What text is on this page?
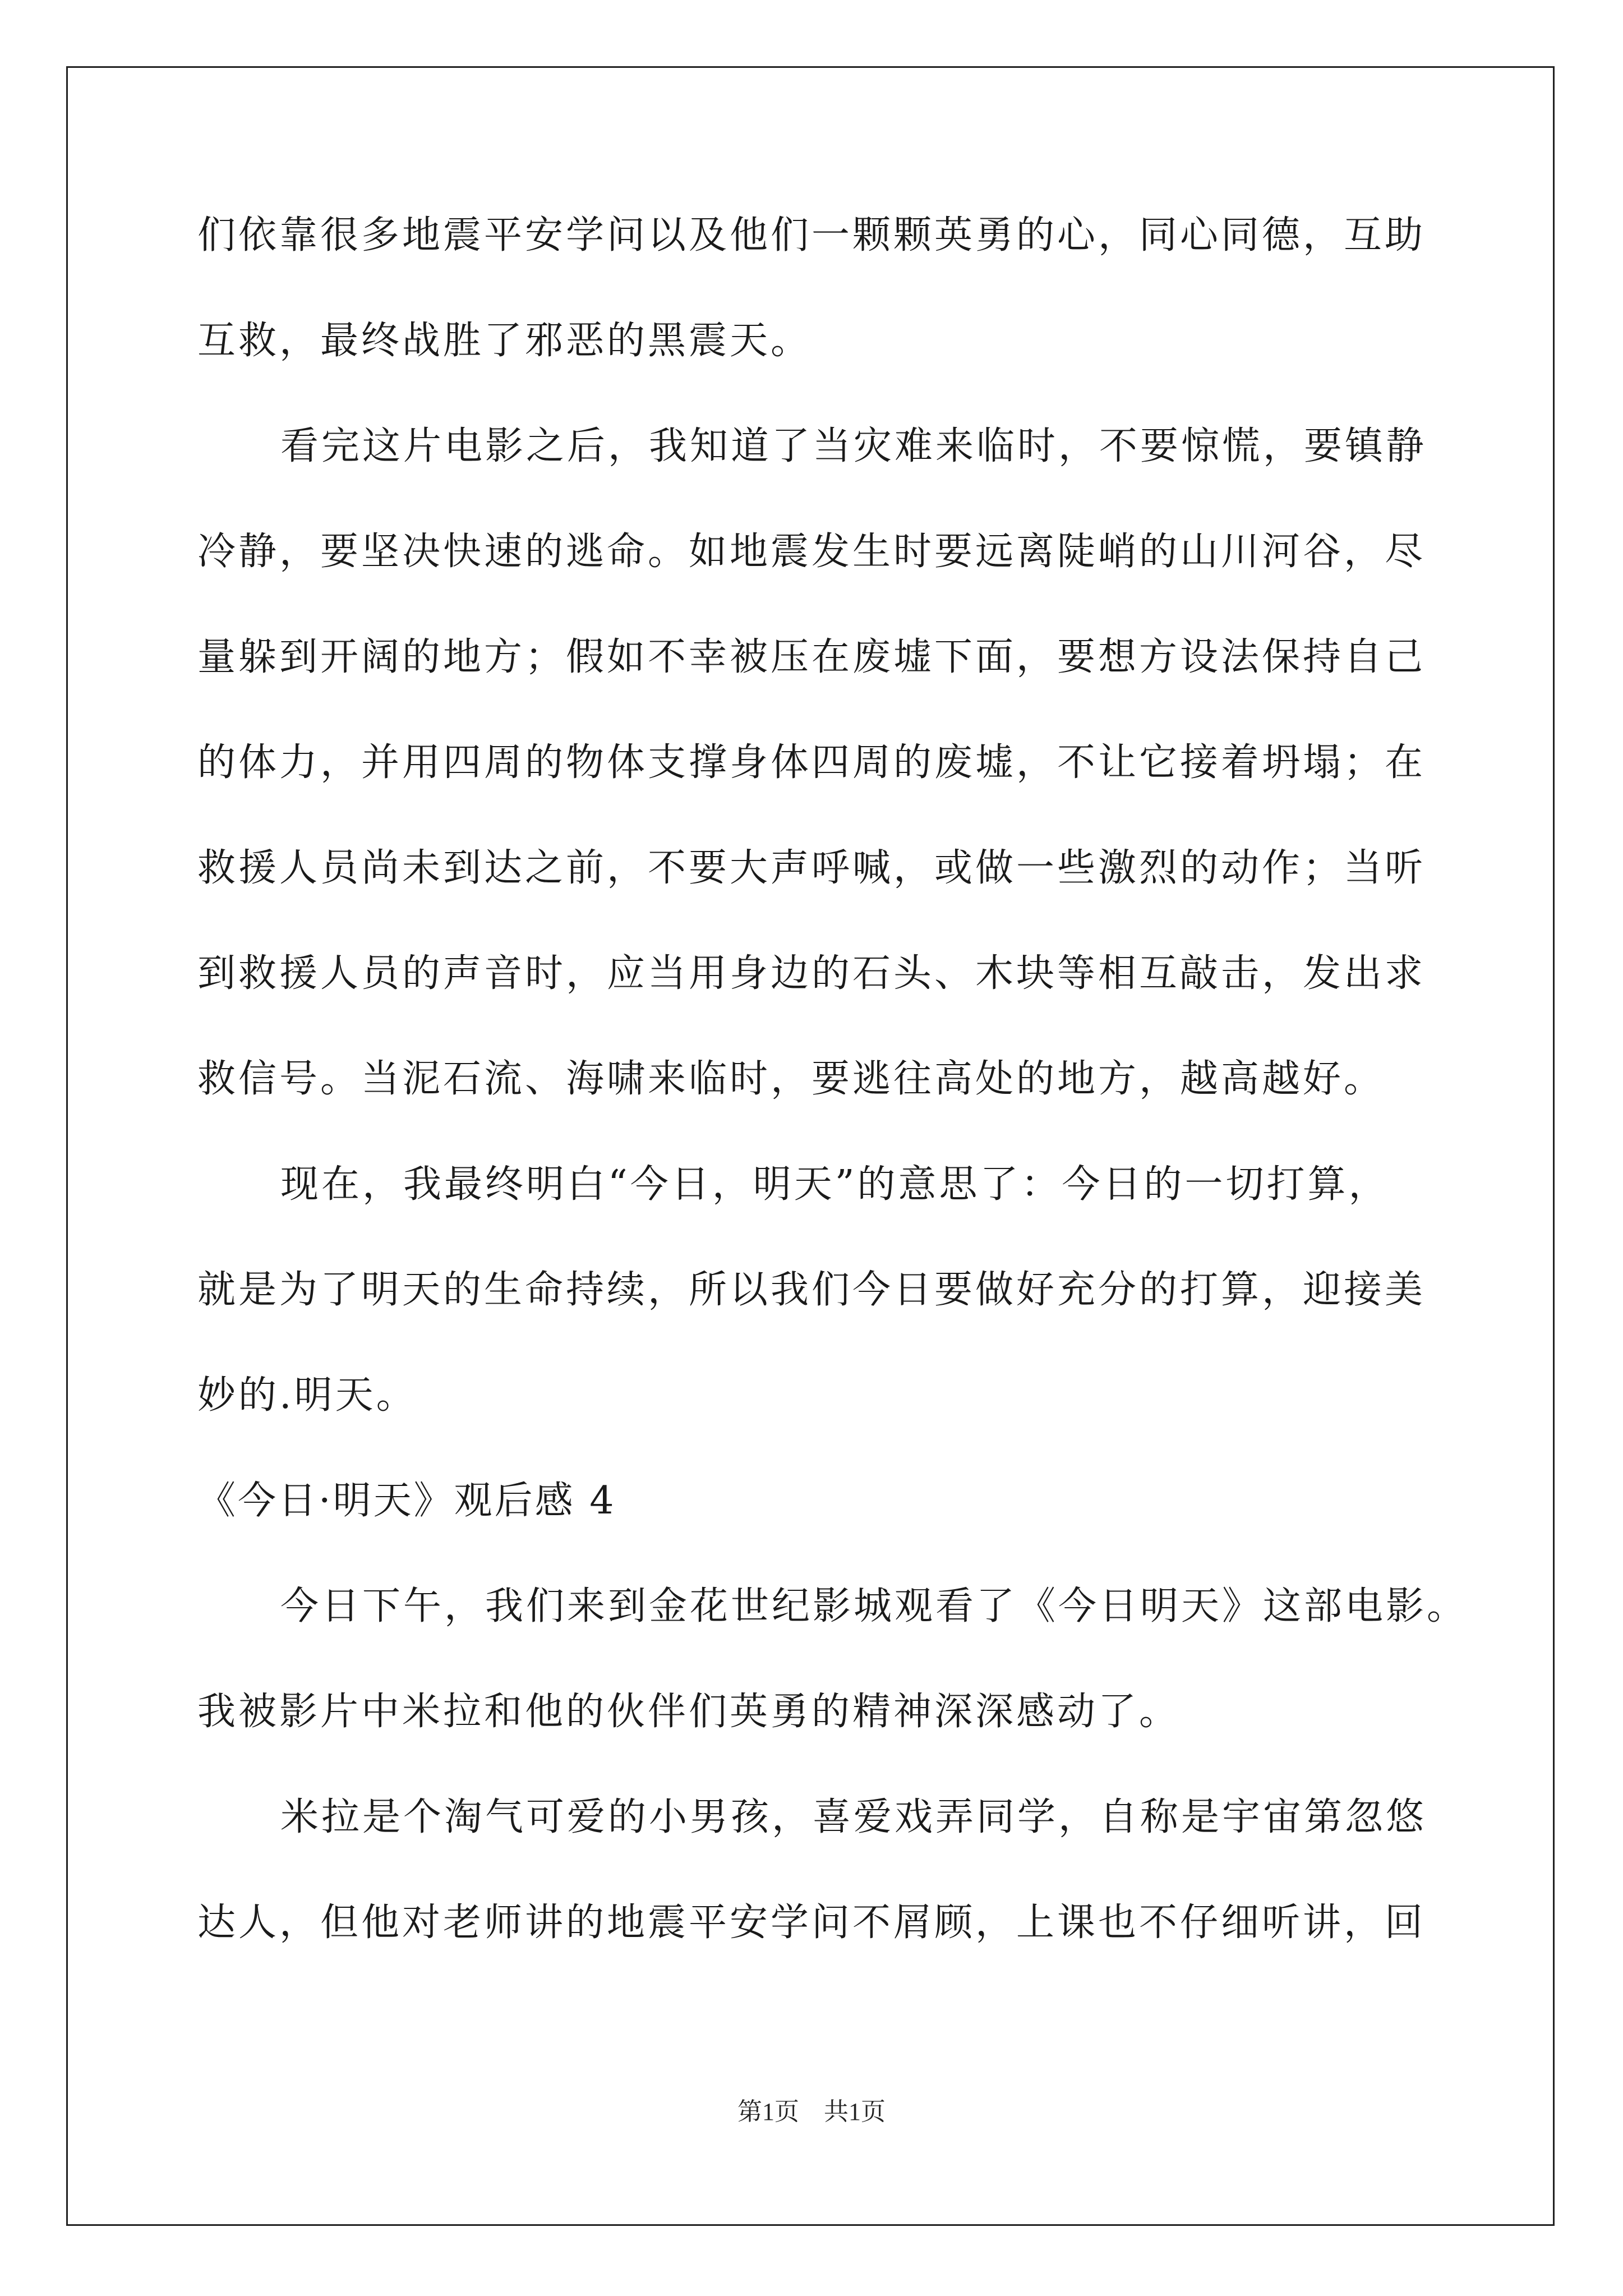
们依靠很多地震平安学问以及他们一颗颗英勇的心，同心同德，互助
互救，最终战胜了邪恶的黑震天。
看完这片电影之后，我知道了当灾难来临时，不要惊慌，要镇静
冷静，要坚决快速的逃命。如地震发生时要远离陡峭的山川河谷，尽
量躲到开阔的地方；假如不幸被压在废墟下面，要想方设法保持自己
的体力，并用四周的物体支撑身体四周的废墟，不让它接着坍塌；在
救援人员尚未到达之前，不要大声呼喊，或做一些激烈的动作；当听
到救援人员的声音时，应当用身边的石头、木块等相互敲击，发出求
救信号。当泥石流、海啸来临时，要逃往高处的地方，越高越好。
现在，我最终明白“今日，明天”的意思了：今日的一切打算，
就是为了明天的生命持续，所以我们今日要做好充分的打算，迎接美
妙的.明天。
《今日·明天》观后感 4
今日下午，我们来到金花世纪影城观看了《今日明天》这部电影。
我被影片中米拉和他的伙伴们英勇的精神深深感动了。
米拉是个淘气可爱的小男孩，喜爱戏弄同学，自称是宇宙第忽悠
达人，但他对老师讲的地震平安学问不屑顾，上课也不仔细听讲，回
第1页　共1页
